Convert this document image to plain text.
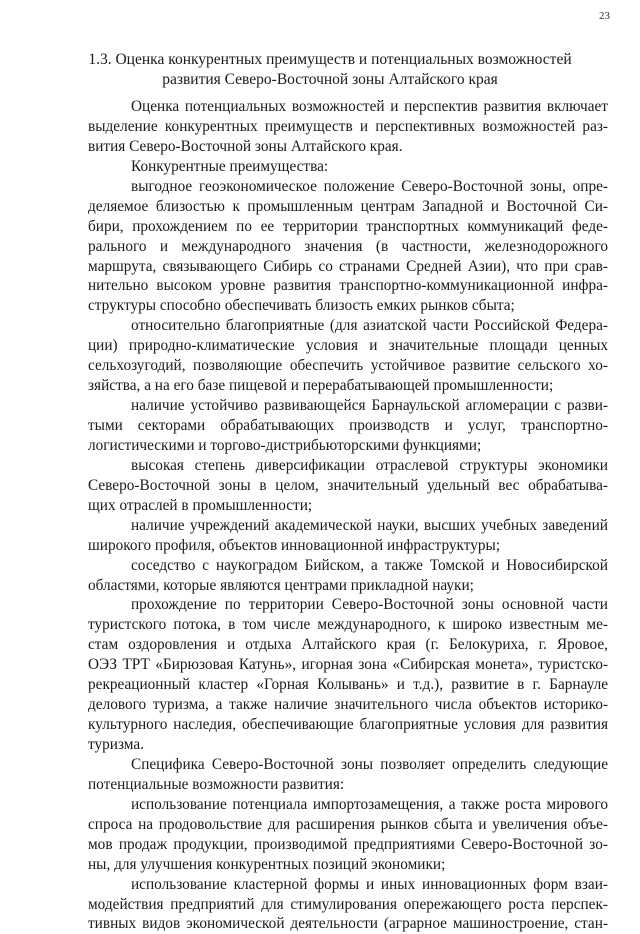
23
1.3. Оценка конкурентных преимуществ и потенциальных возможностей
развития Северо-Восточной зоны Алтайского края
Оценка потенциальных возможностей и перспектив развития включает
выделение конкурентных преимуществ и перспективных возможностей раз-
вития Северо-Восточной зоны Алтайского края.
Конкурентные преимущества:
выгодное геоэкономическое положение Северо-Восточной зоны, опре-
деляемое близостью к промышленным центрам Западной и Восточной Си-
бири, прохождением по ее территории транспортных коммуникаций феде-
рального и международного значения (в частности, железнодорожного
маршрута, связывающего Сибирь со странами Средней Азии), что при срав-
нительно высоком уровне развития транспортно-коммуникационной инфра-
структуры способно обеспечивать близость емких рынков сбыта;
относительно благоприятные (для азиатской части Российской Федера-
ции) природно-климатические условия и значительные площади ценных
сельхозугодий, позволяющие обеспечить устойчивое развитие сельского хо-
зяйства, а на его базе пищевой и перерабатывающей промышленности;
наличие устойчиво развивающейся Барнаульской агломерации с разви-
тыми секторами обрабатывающих производств и услуг, транспортно-
логистическими и торгово-дистрибьюторскими функциями;
высокая степень диверсификации отраслевой структуры экономики
Северо-Восточной зоны в целом, значительный удельный вес обрабатыва-
щих отраслей в промышленности;
наличие учреждений академической науки, высших учебных заведений
широкого профиля, объектов инновационной инфраструктуры;
соседство с наукоградом Бийском, а также Томской и Новосибирской
областями, которые являются центрами прикладной науки;
прохождение по территории Северо-Восточной зоны основной части
туристского потока, в том числе международного, к широко известным ме-
стам оздоровления и отдыха Алтайского края (г. Белокуриха, г. Яровое,
ОЭЗ ТРТ «Бирюзовая Катунь», игорная зона «Сибирская монета», туристско-
рекреационный кластер «Горная Колывань» и т.д.), развитие в г. Барнауле
делового туризма, а также наличие значительного числа объектов историко-
культурного наследия, обеспечивающие благоприятные условия для развития
туризма.
Специфика Северо-Восточной зоны позволяет определить следующие
потенциальные возможности развития:
использование потенциала импортозамещения, а также роста мирового
спроса на продовольствие для расширения рынков сбыта и увеличения объе-
мов продаж продукции, производимой предприятиями Северо-Восточной зо-
ны, для улучшения конкурентных позиций экономики;
использование кластерной формы и иных инновационных форм взаи-
модействия предприятий для стимулирования опережающего роста перспек-
тивных видов экономической деятельности (аграрное машиностроение, стан-
